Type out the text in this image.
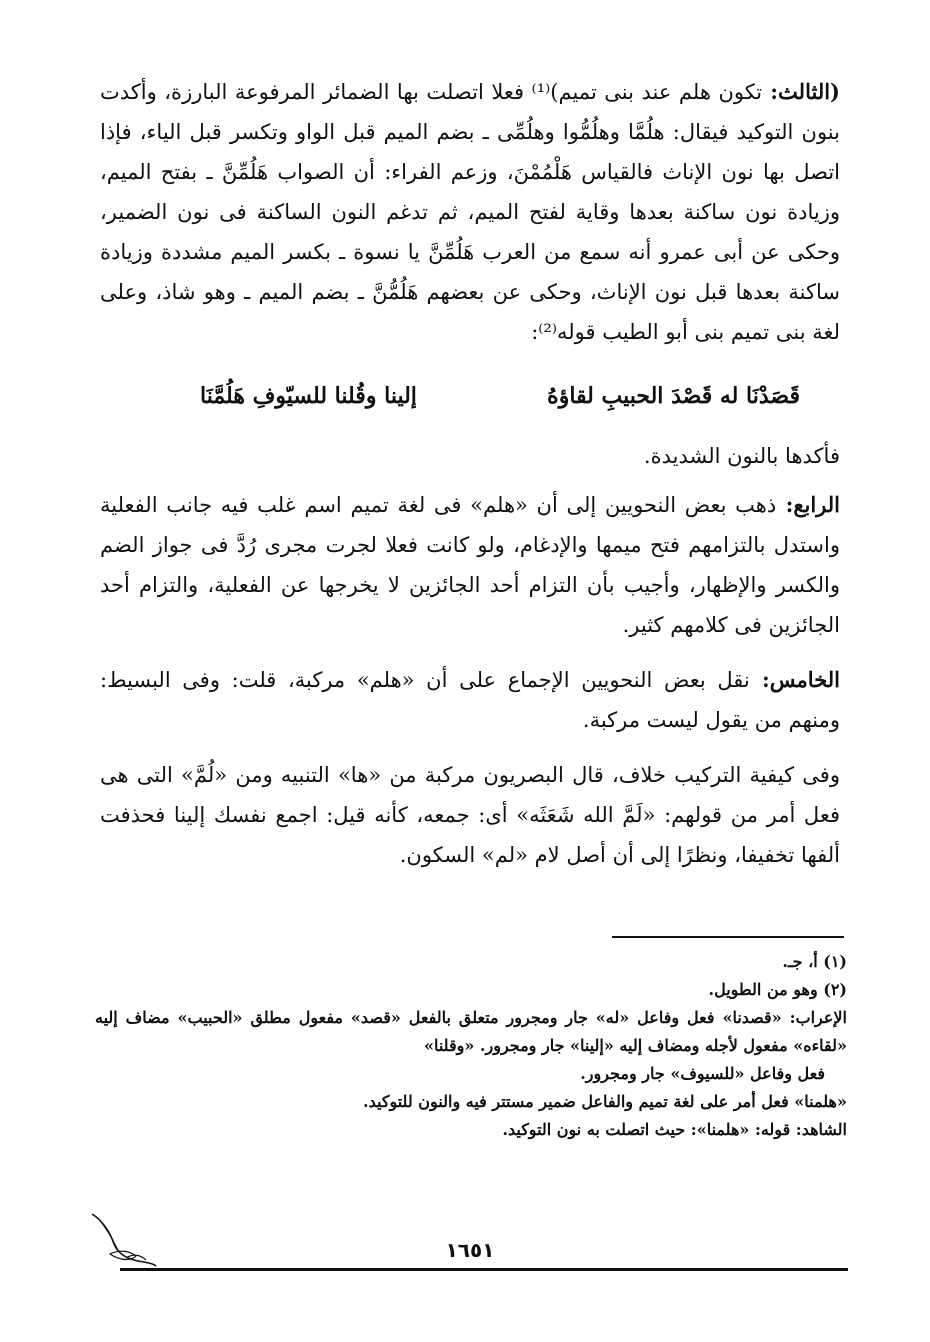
(الثالث: تكون هلم عند بنى تميم)⁽¹⁾ فعلا اتصلت بها الضمائر المرفوعة البارزة، وأكدت بنون التوكيد فيقال: هلُمَّا وهلُمُّوا وهلُمِّى ـ بضم الميم قبل الواو وتكسر قبل الياء، فإذا اتصل بها نون الإناث فالقياس هَلْمُمْنَ، وزعم الفراء: أن الصواب هَلُمِّنَّ ـ بفتح الميم، وزيادة نون ساكنة بعدها وقاية لفتح الميم، ثم تدغم النون الساكنة فى نون الضمير، وحكى عن أبى عمرو أنه سمع من العرب هَلُمِّنَّ يا نسوة ـ بكسر الميم مشددة وزيادة ساكنة بعدها قبل نون الإناث، وحكى عن بعضهم هَلُمُّنَّ ـ بضم الميم ـ وهو شاذ، وعلى لغة بنى تميم بنى أبو الطيب قوله⁽²⁾:

قَصَدْنَا له قَصْدَ الحبيبِ لقاؤهُ
إلينا وقُلنا للسيّوفِ هَلُمَّنَا

فأكدها بالنون الشديدة.

الرابع: ذهب بعض النحويين إلى أن «هلم» فى لغة تميم اسم غلب فيه جانب الفعلية واستدل بالتزامهم فتح ميمها والإدغام، ولو كانت فعلا لجرت مجرى رُدَّ فى جواز الضم والكسر والإظهار، وأجيب بأن التزام أحد الجائزين لا يخرجها عن الفعلية، والتزام أحد الجائزين فى كلامهم كثير.

الخامس: نقل بعض النحويين الإجماع على أن «هلم» مركبة، قلت: وفى البسيط: ومنهم من يقول ليست مركبة.

وفى كيفية التركيب خلاف، قال البصريون مركبة من «ها» التنبيه ومن «لُمَّ» التى هى فعل أمر من قولهم: «لَمَّ الله شَعَثَه» أى: جمعه، كأنه قيل: اجمع نفسك إلينا فحذفت ألفها تخفيفا، ونظرًا إلى أن أصل لام «لم» السكون.

(١) أ، جـ.

(٢) وهو من الطويل.

الإعراب: «قصدنا» فعل وفاعل «له» جار ومجرور متعلق بالفعل «قصد» مفعول مطلق «الحبيب» مضاف إليه «لقاءه» مفعول لأجله ومضاف إليه «إلينا» جار ومجرور. «وقلنا»

فعل وفاعل «للسيوف» جار ومجرور.

«هلمنا» فعل أمر على لغة تميم والفاعل ضمير مستتر فيه والنون للتوكيد.

الشاهد: قوله: «هلمنا»: حيث اتصلت به نون التوكيد.

١٦٥١
